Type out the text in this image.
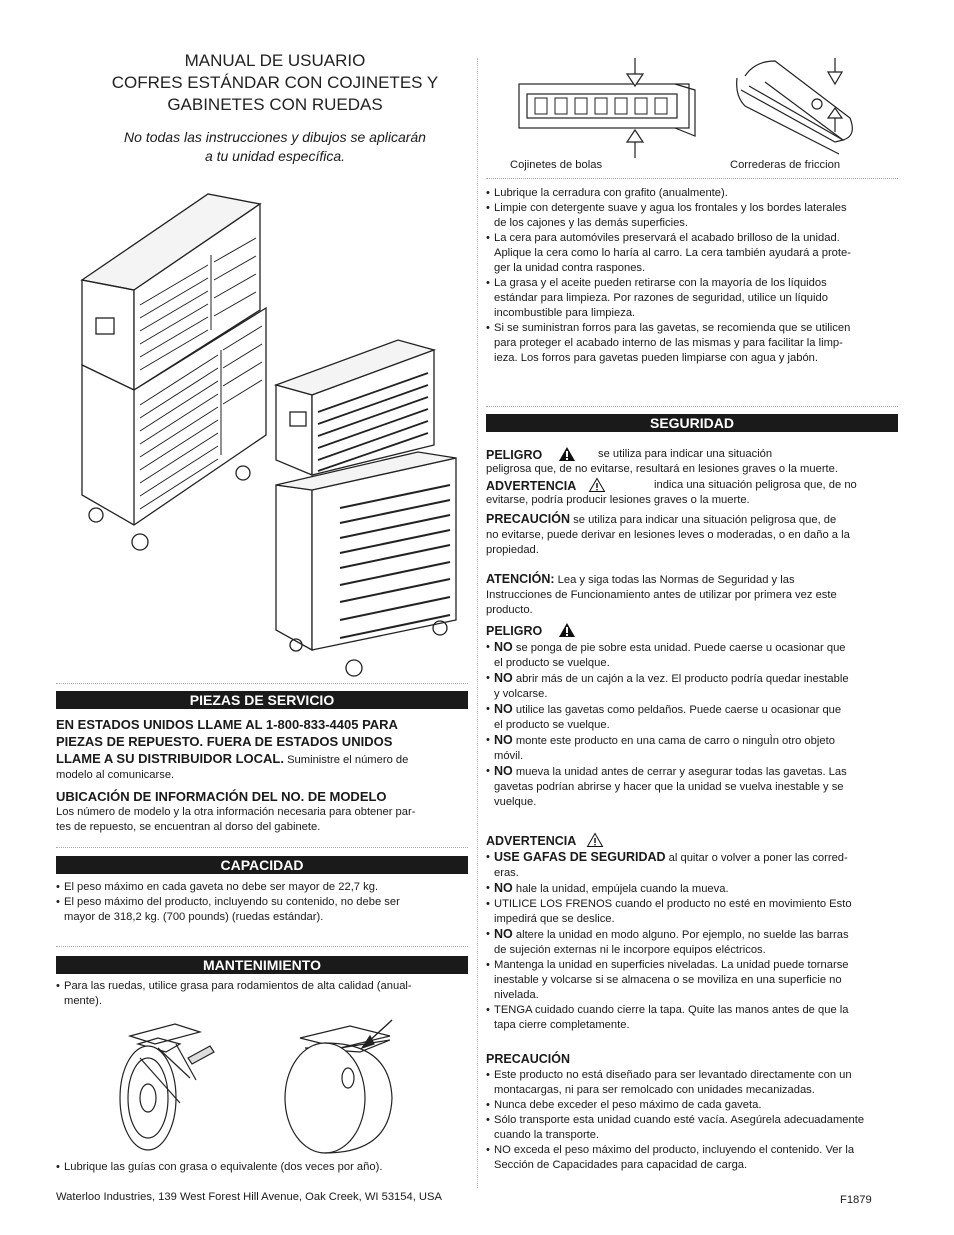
MANUAL DE USUARIO
COFRES ESTÁNDAR CON COJINETES Y
GABINETES CON RUEDAS
No todas las instrucciones y dibujos se aplicarán
a tu unidad específica.
PIEZAS DE SERVICIO
EN ESTADOS UNIDOS LLAME AL 1-800-833-4405 PARA
PIEZAS DE REPUESTO. FUERA DE ESTADOS UNIDOS
LLAME A SU DISTRIBUIDOR LOCAL. Suministre el número de
modelo al comunicarse.
UBICACIÓN DE INFORMACIÓN DEL NO. DE MODELO
Los número de modelo y la otra información necesaria para obtener par-
tes de repuesto, se encuentran al dorso del gabinete.
CAPACIDAD
• El peso máximo en cada gaveta no debe ser mayor de 22,7 kg.
• El peso máximo del producto, incluyendo su contenido, no debe ser
mayor de 318,2 kg. (700 pounds) (ruedas estándar).
MANTENIMIENTO
• Para las ruedas, utilice grasa para rodamientos de alta calidad (anual-
mente).
• Lubrique las guías con grasa o equivalente (dos veces por año).
Cojinetes de bolas	Correderas de friccion
• Lubrique la cerradura con grafito (anualmente).
• Limpie con detergente suave y agua los frontales y los bordes laterales
de los cajones y las demás superficies.
• La cera para automóviles preservará el acabado brilloso de la unidad.
Aplique la cera como lo haría al carro. La cera también ayudará a prote-
ger la unidad contra raspones.
• La grasa y el aceite pueden retirarse con la mayoría de los líquidos
estándar para limpieza. Por razones de seguridad, utilice un líquido
incombustible para limpieza.
• Si se suministran forros para las gavetas, se recomienda que se utilicen
para proteger el acabado interno de las mismas y para facilitar la limp-
ieza. Los forros para gavetas pueden limpiarse con agua y jabón.
SEGURIDAD
PELIGRO	se utiliza para indicar una situación
peligrosa que, de no evitarse, resultará en lesiones graves o la muerte.
ADVERTENCIA	indica una situación peligrosa que, de no
evitarse, podría producir lesiones graves o la muerte.
PRECAUCIÓN se utiliza para indicar una situación peligrosa que, de
no evitarse, puede derivar en lesiones leves o moderadas, o en daño a la
propiedad.
ATENCIÓN: Lea y siga todas las Normas de Seguridad y las
Instrucciones de Funcionamiento antes de utilizar por primera vez este
producto.
PELIGRO
• NO se ponga de pie sobre esta unidad. Puede caerse u ocasionar que
el producto se vuelque.
• NO abrir más de un cajón a la vez. El producto podría quedar inestable
y volcarse.
• NO utilice las gavetas como peldaños. Puede caerse u ocasionar que
el producto se vuelque.
• NO monte este producto en una cama de carro o ninguÌn otro objeto
móvil.
• NO mueva la unidad antes de cerrar y asegurar todas las gavetas. Las
gavetas podrían abrirse y hacer que la unidad se vuelva inestable y se
vuelque.
ADVERTENCIA
• USE GAFAS DE SEGURIDAD al quitar o volver a poner las corred-
eras.
• NO hale la unidad, empújela cuando la mueva.
• UTILICE LOS FRENOS cuando el producto no esté en movimiento Esto
impedirá que se deslice.
• NO altere la unidad en modo alguno. Por ejemplo, no suelde las barras
de sujeción externas ni le incorpore equipos eléctricos.
• Mantenga la unidad en superficies niveladas. La unidad puede tornarse
inestable y volcarse si se almacena o se moviliza en una superficie no
nivelada.
• TENGA cuidado cuando cierre la tapa. Quite las manos antes de que la
tapa cierre completamente.
PRECAUCIÓN
• Este producto no está diseñado para ser levantado directamente con un
montacargas, ni para ser remolcado con unidades mecanizadas.
• Nunca debe exceder el peso máximo de cada gaveta.
• Sólo transporte esta unidad cuando esté vacía. Asegúrela adecuadamente
cuando la transporte.
• NO exceda el peso máximo del producto, incluyendo el contenido. Ver la
Sección de Capacidades para capacidad de carga.
Waterloo Industries, 139 West Forest Hill Avenue, Oak Creek, WI 53154, USA	F1879
